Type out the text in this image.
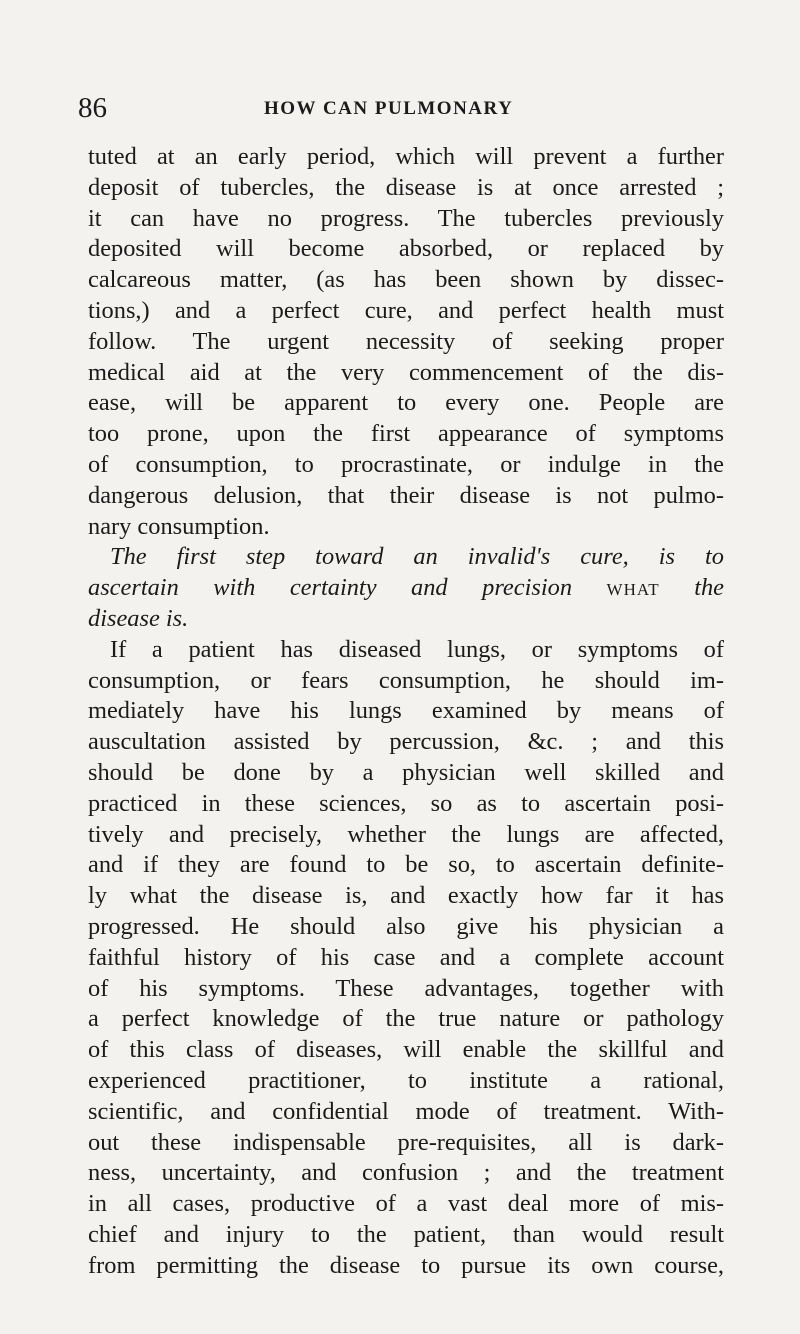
86	HOW CAN PULMONARY
tuted at an early period, which will prevent a further
deposit of tubercles, the disease is at once arrested ;
it can have no progress. The tubercles previously
deposited will become absorbed, or replaced by
calcareous matter, (as has been shown by dissec-
tions,) and a perfect cure, and perfect health must
follow. The urgent necessity of seeking proper
medical aid at the very commencement of the dis-
ease, will be apparent to every one. People are
too prone, upon the first appearance of symptoms
of consumption, to procrastinate, or indulge in the
dangerous delusion, that their disease is not pulmo-
nary consumption.
The first step toward an invalid's cure, is to
ascertain with certainty and precision what the
disease is.
If a patient has diseased lungs, or symptoms of
consumption, or fears consumption, he should im-
mediately have his lungs examined by means of
auscultation assisted by percussion, &c. ; and this
should be done by a physician well skilled and
practiced in these sciences, so as to ascertain posi-
tively and precisely, whether the lungs are affected,
and if they are found to be so, to ascertain definite-
ly what the disease is, and exactly how far it has
progressed. He should also give his physician a
faithful history of his case and a complete account
of his symptoms. These advantages, together with
a perfect knowledge of the true nature or pathology
of this class of diseases, will enable the skillful and
experienced practitioner, to institute a rational,
scientific, and confidential mode of treatment. With-
out these indispensable pre-requisites, all is dark-
ness, uncertainty, and confusion ; and the treatment
in all cases, productive of a vast deal more of mis-
chief and injury to the patient, than would result
from permitting the disease to pursue its own course,
